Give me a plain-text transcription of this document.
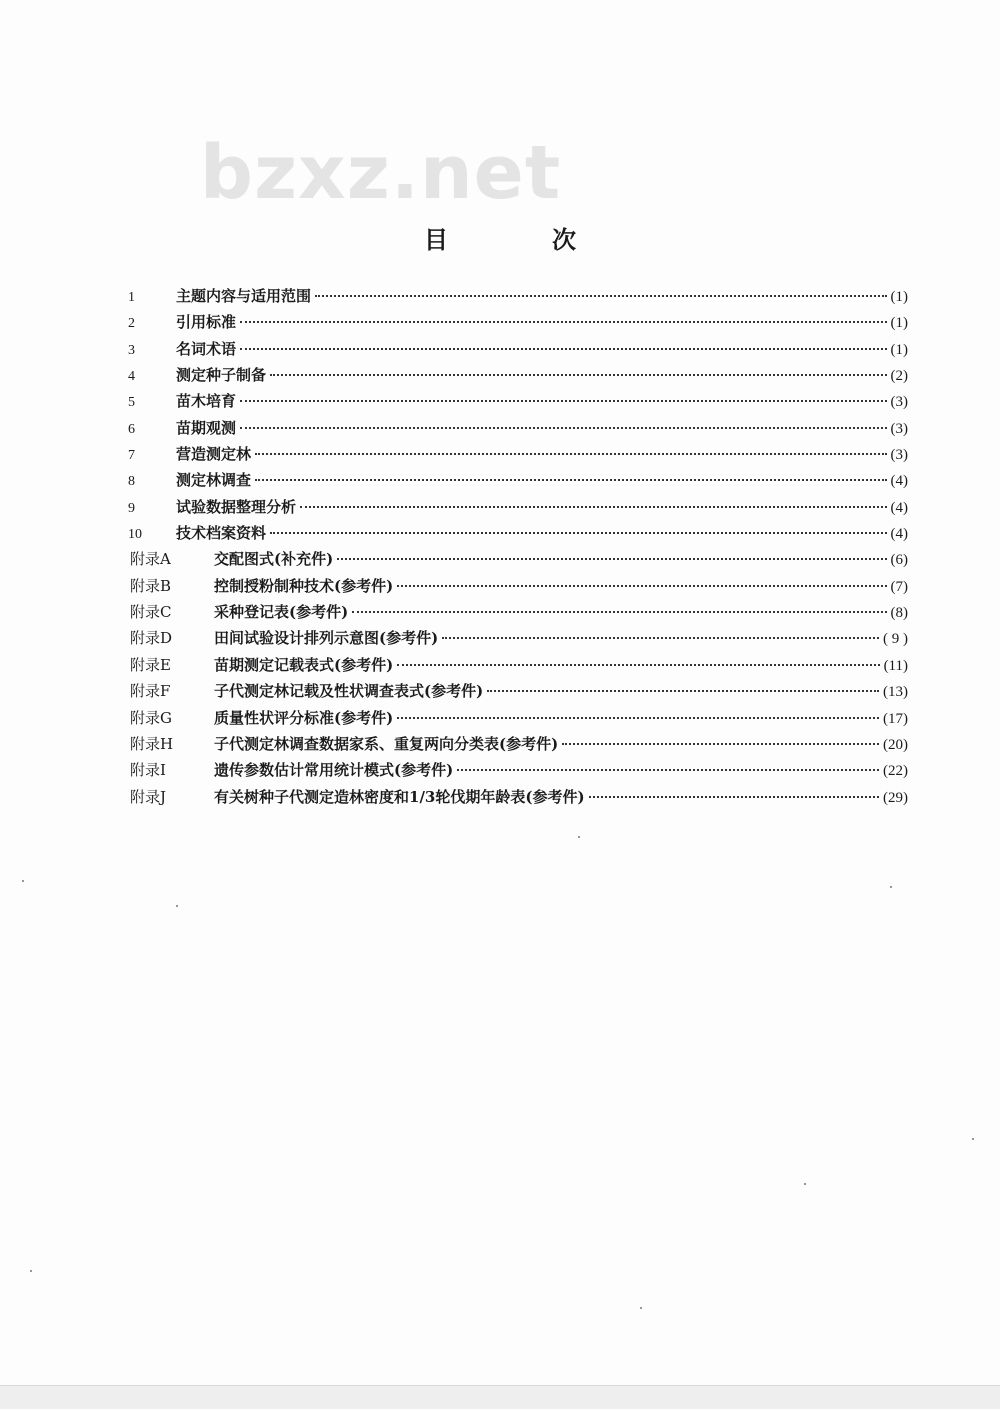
bzxz.net
目　次
1	主题内容与适用范围	(1)
2	引用标准	(1)
3	名词术语	(1)
4	测定种子制备	(2)
5	苗木培育	(3)
6	苗期观测	(3)
7	营造测定林	(3)
8	测定林调查	(4)
9	试验数据整理分析	(4)
10	技术档案资料	(4)
附录A	交配图式(补充件)	(6)
附录B	控制授粉制种技术(参考件)	(7)
附录C	采种登记表(参考件)	(8)
附录D	田间试验设计排列示意图(参考件)	( 9 )
附录E	苗期测定记载表式(参考件)	(11)
附录F	子代测定林记载及性状调查表式(参考件)	(13)
附录G	质量性状评分标准(参考件)	(17)
附录H	子代测定林调查数据家系、重复两向分类表(参考件)	(20)
附录I	遗传参数估计常用统计模式(参考件)	(22)
附录J	有关树种子代测定造林密度和1/3轮伐期年龄表(参考件)	(29)
